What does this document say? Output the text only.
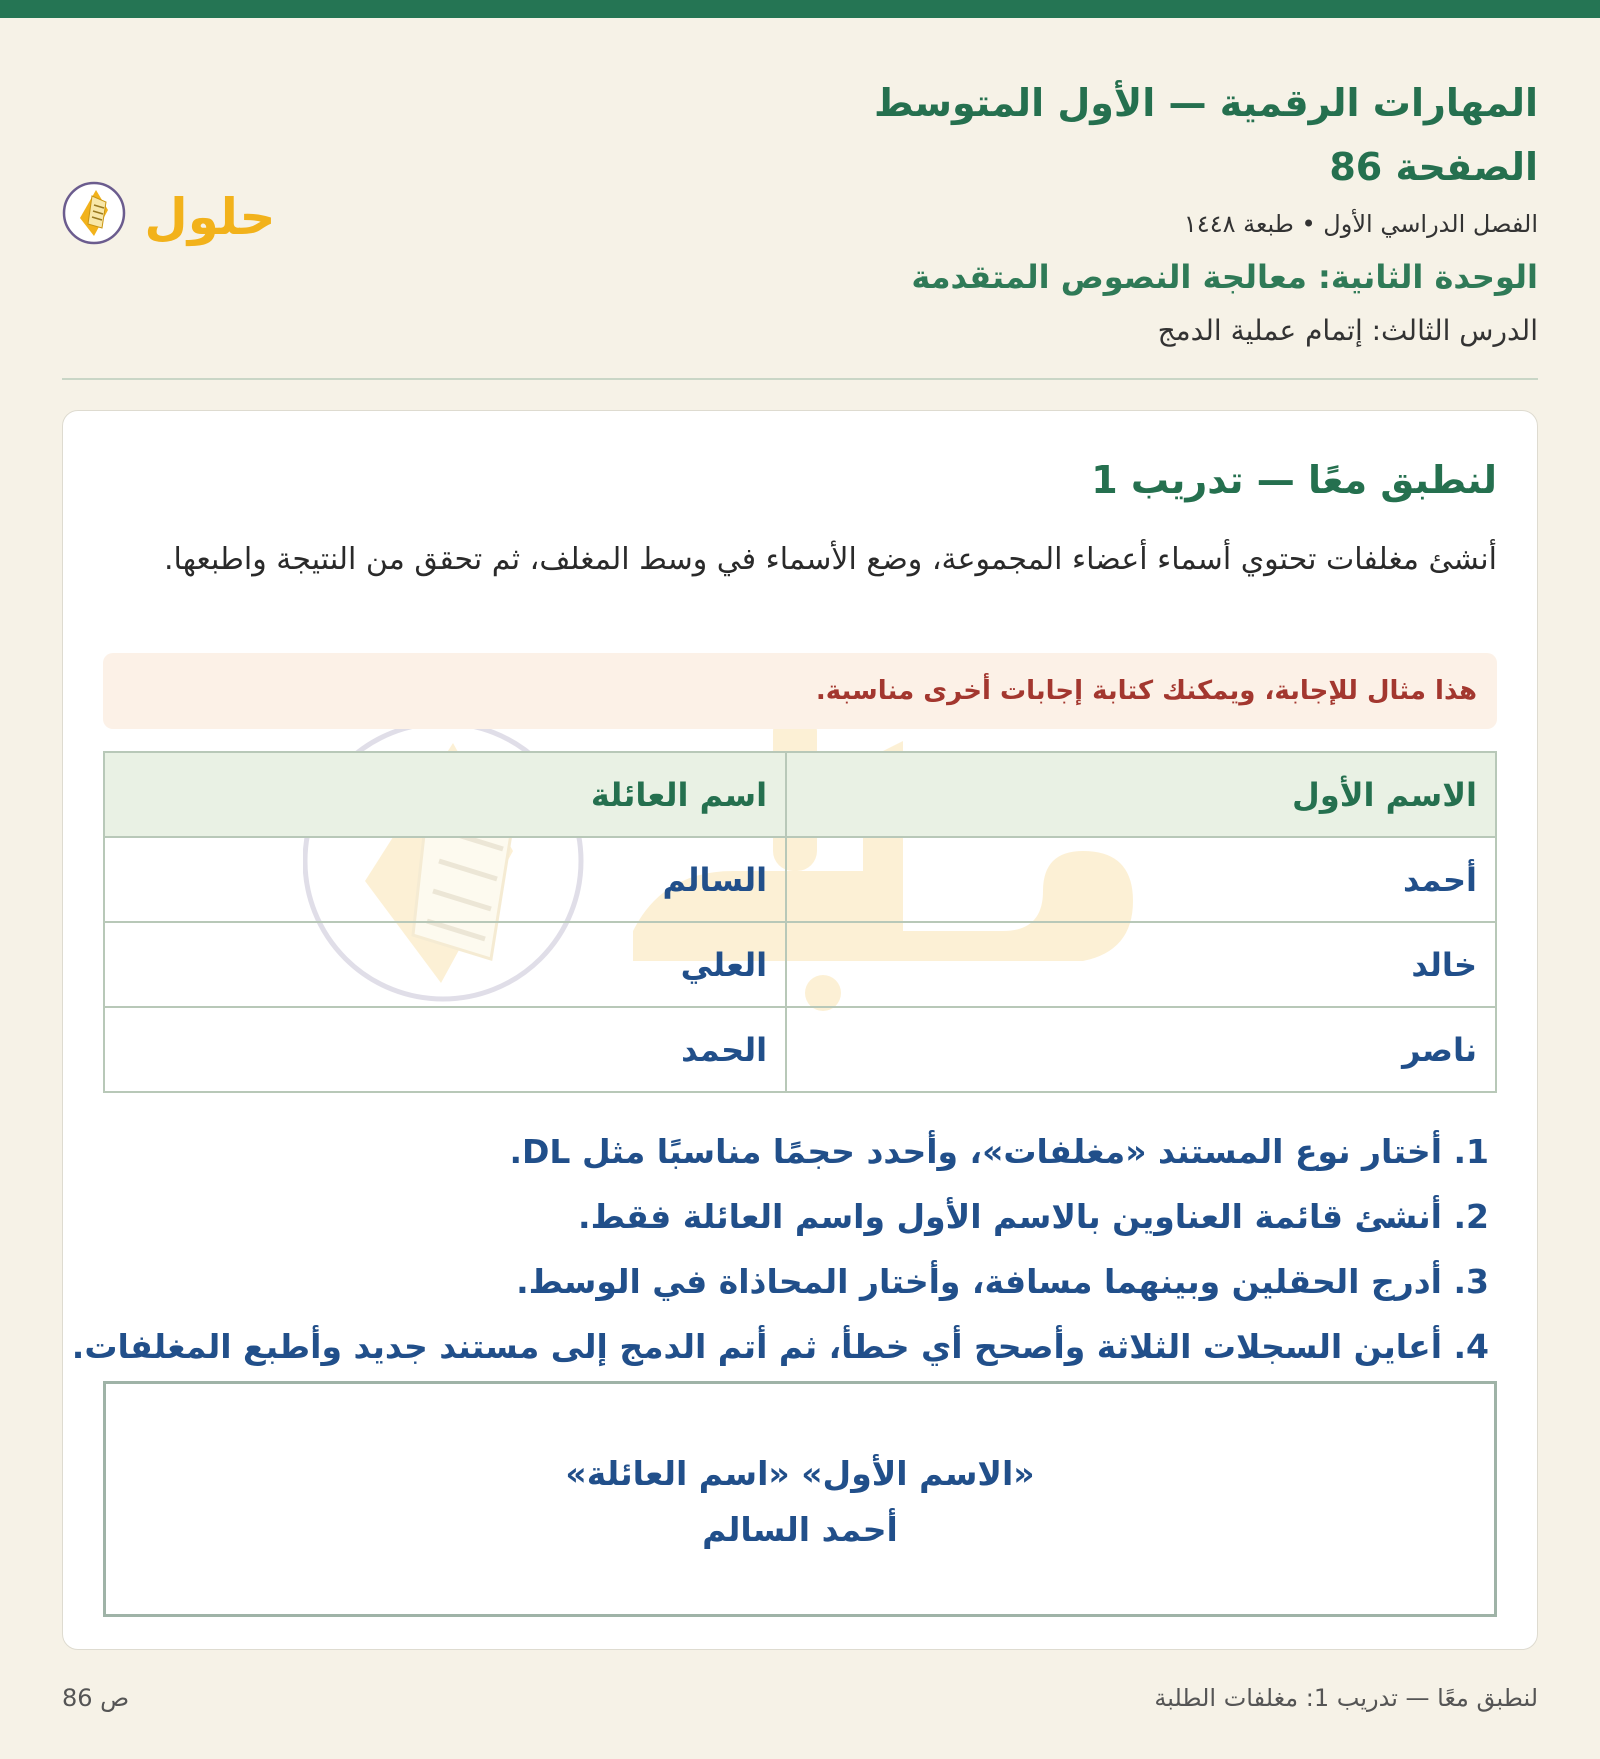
المهارات الرقمية — الأول المتوسط
الصفحة 86
الفصل الدراسي الأول • طبعة ١٤٤٨
الوحدة الثانية: معالجة النصوص المتقدمة
الدرس الثالث: إتمام عملية الدمج
حلول
لنطبق معًا — تدريب 1
أنشئ مغلفات تحتوي أسماء أعضاء المجموعة، وضع الأسماء في وسط المغلف، ثم تحقق من النتيجة واطبعها.
هذا مثال للإجابة، ويمكنك كتابة إجابات أخرى مناسبة.
الاسم الأول	اسم العائلة
أحمد	السالم
خالد	العلي
ناصر	الحمد
1. أختار نوع المستند «مغلفات»، وأحدد حجمًا مناسبًا مثل DL.
2. أنشئ قائمة العناوين بالاسم الأول واسم العائلة فقط.
3. أدرج الحقلين وبينهما مسافة، وأختار المحاذاة في الوسط.
4. أعاين السجلات الثلاثة وأصحح أي خطأ، ثم أتم الدمج إلى مستند جديد وأطبع المغلفات.
«الاسم الأول» «اسم العائلة»
أحمد السالم
لنطبق معًا — تدريب 1: مغلفات الطلبة
ص 86
